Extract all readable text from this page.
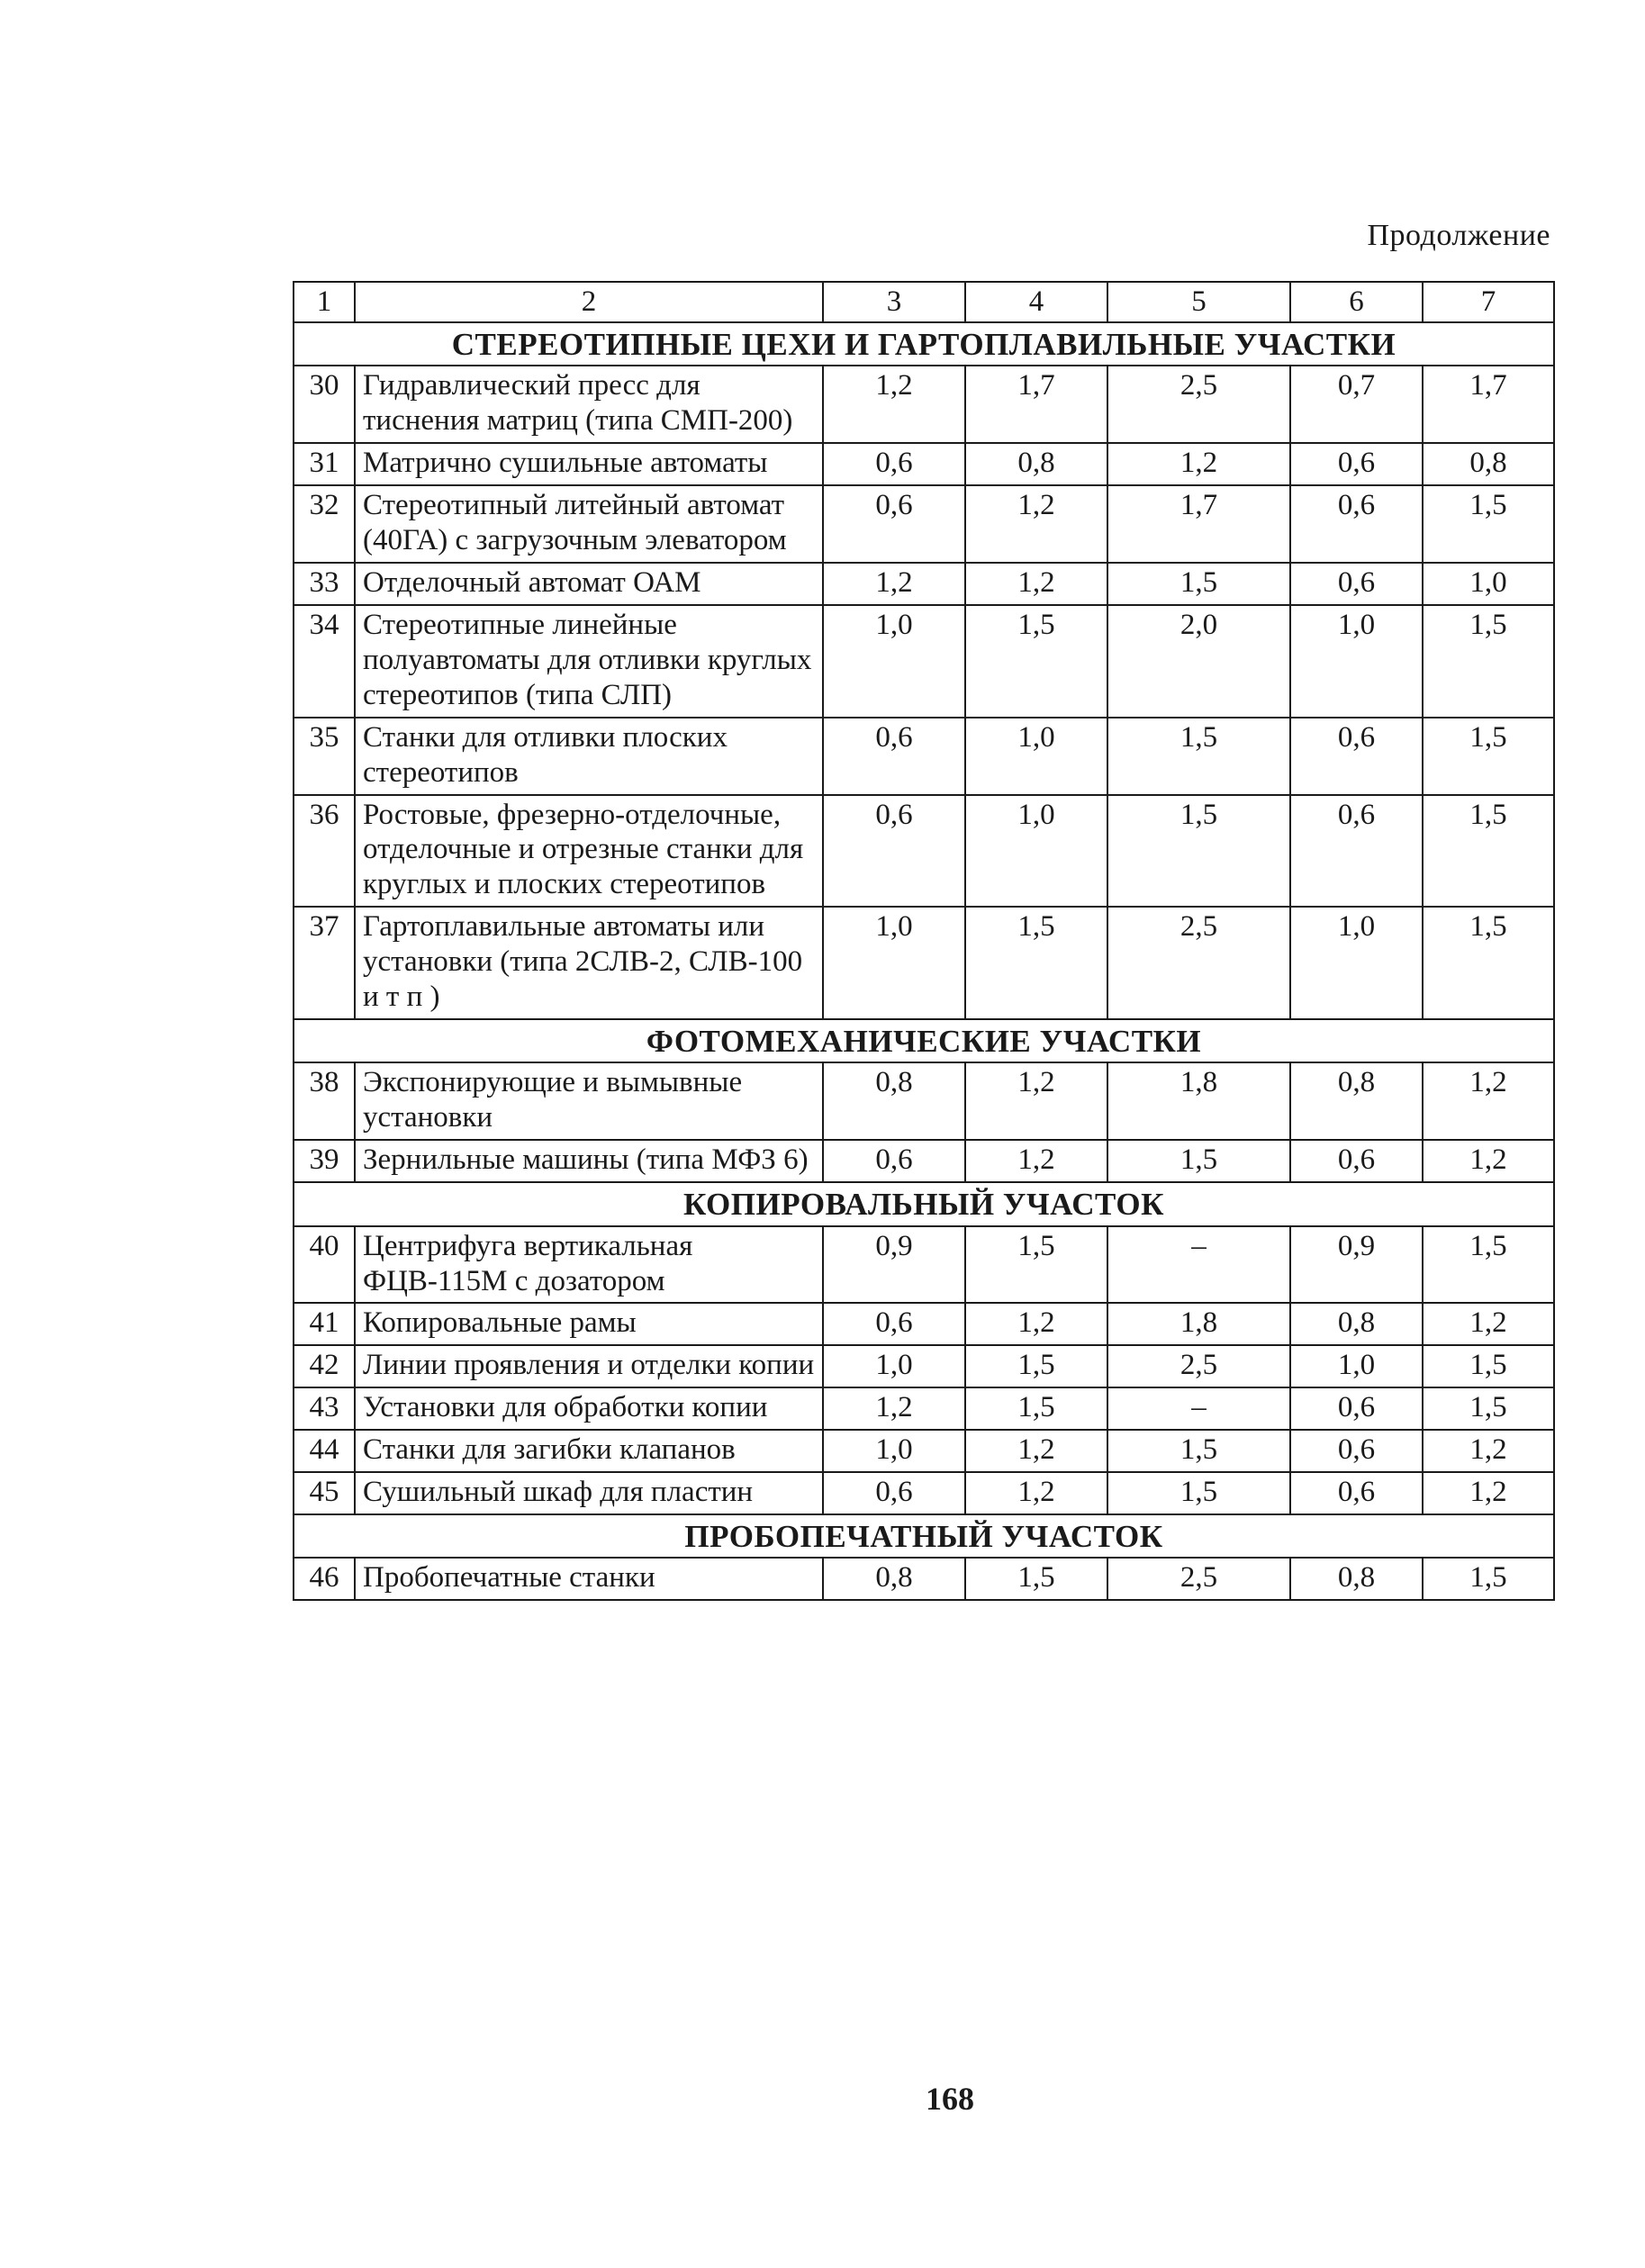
Продолжение
1	2	3	4	5	6	7
СТЕРЕОТИПНЫЕ ЦЕХИ И ГАРТОПЛАВИЛЬНЫЕ УЧАСТКИ						
30	Гидравлический пресс для тиснения матриц (типа СМП-200)	1,2	1,7	2,5	0,7	1,7
31	Матрично сушильные автоматы	0,6	0,8	1,2	0,6	0,8
32	Стереотипный литейный автомат (40ГА) с загрузочным элеватором	0,6	1,2	1,7	0,6	1,5
33	Отделочный автомат ОАМ	1,2	1,2	1,5	0,6	1,0
34	Стереотипные линейные полуавтоматы для отливки круглых стереотипов (типа СЛП)	1,0	1,5	2,0	1,0	1,5
35	Станки для отливки плоских стереотипов	0,6	1,0	1,5	0,6	1,5
36	Ростовые, фрезерно-отделочные, отделочные и отрезные станки для круглых и плоских стереотипов	0,6	1,0	1,5	0,6	1,5
37	Гартоплавильные автоматы или установки (типа 2СЛВ-2, СЛВ-100 и т п )	1,0	1,5	2,5	1,0	1,5
ФОТОМЕХАНИЧЕСКИЕ УЧАСТКИ						
38	Экспонирующие и вымывные установки	0,8	1,2	1,8	0,8	1,2
39	Зернильные машины (типа МФЗ 6)	0,6	1,2	1,5	0,6	1,2
КОПИРОВАЛЬНЫЙ УЧАСТОК						
40	Центрифуга вертикальная ФЦВ-115М с дозатором	0,9	1,5	–	0,9	1,5
41	Копировальные рамы	0,6	1,2	1,8	0,8	1,2
42	Линии проявления и отделки копии	1,0	1,5	2,5	1,0	1,5
43	Установки для обработки копии	1,2	1,5	–	0,6	1,5
44	Станки для загибки клапанов	1,0	1,2	1,5	0,6	1,2
45	Сушильный шкаф для пластин	0,6	1,2	1,5	0,6	1,2
ПРОБОПЕЧАТНЫЙ УЧАСТОК						
46	Пробопечатные станки	0,8	1,5	2,5	0,8	1,5
168
